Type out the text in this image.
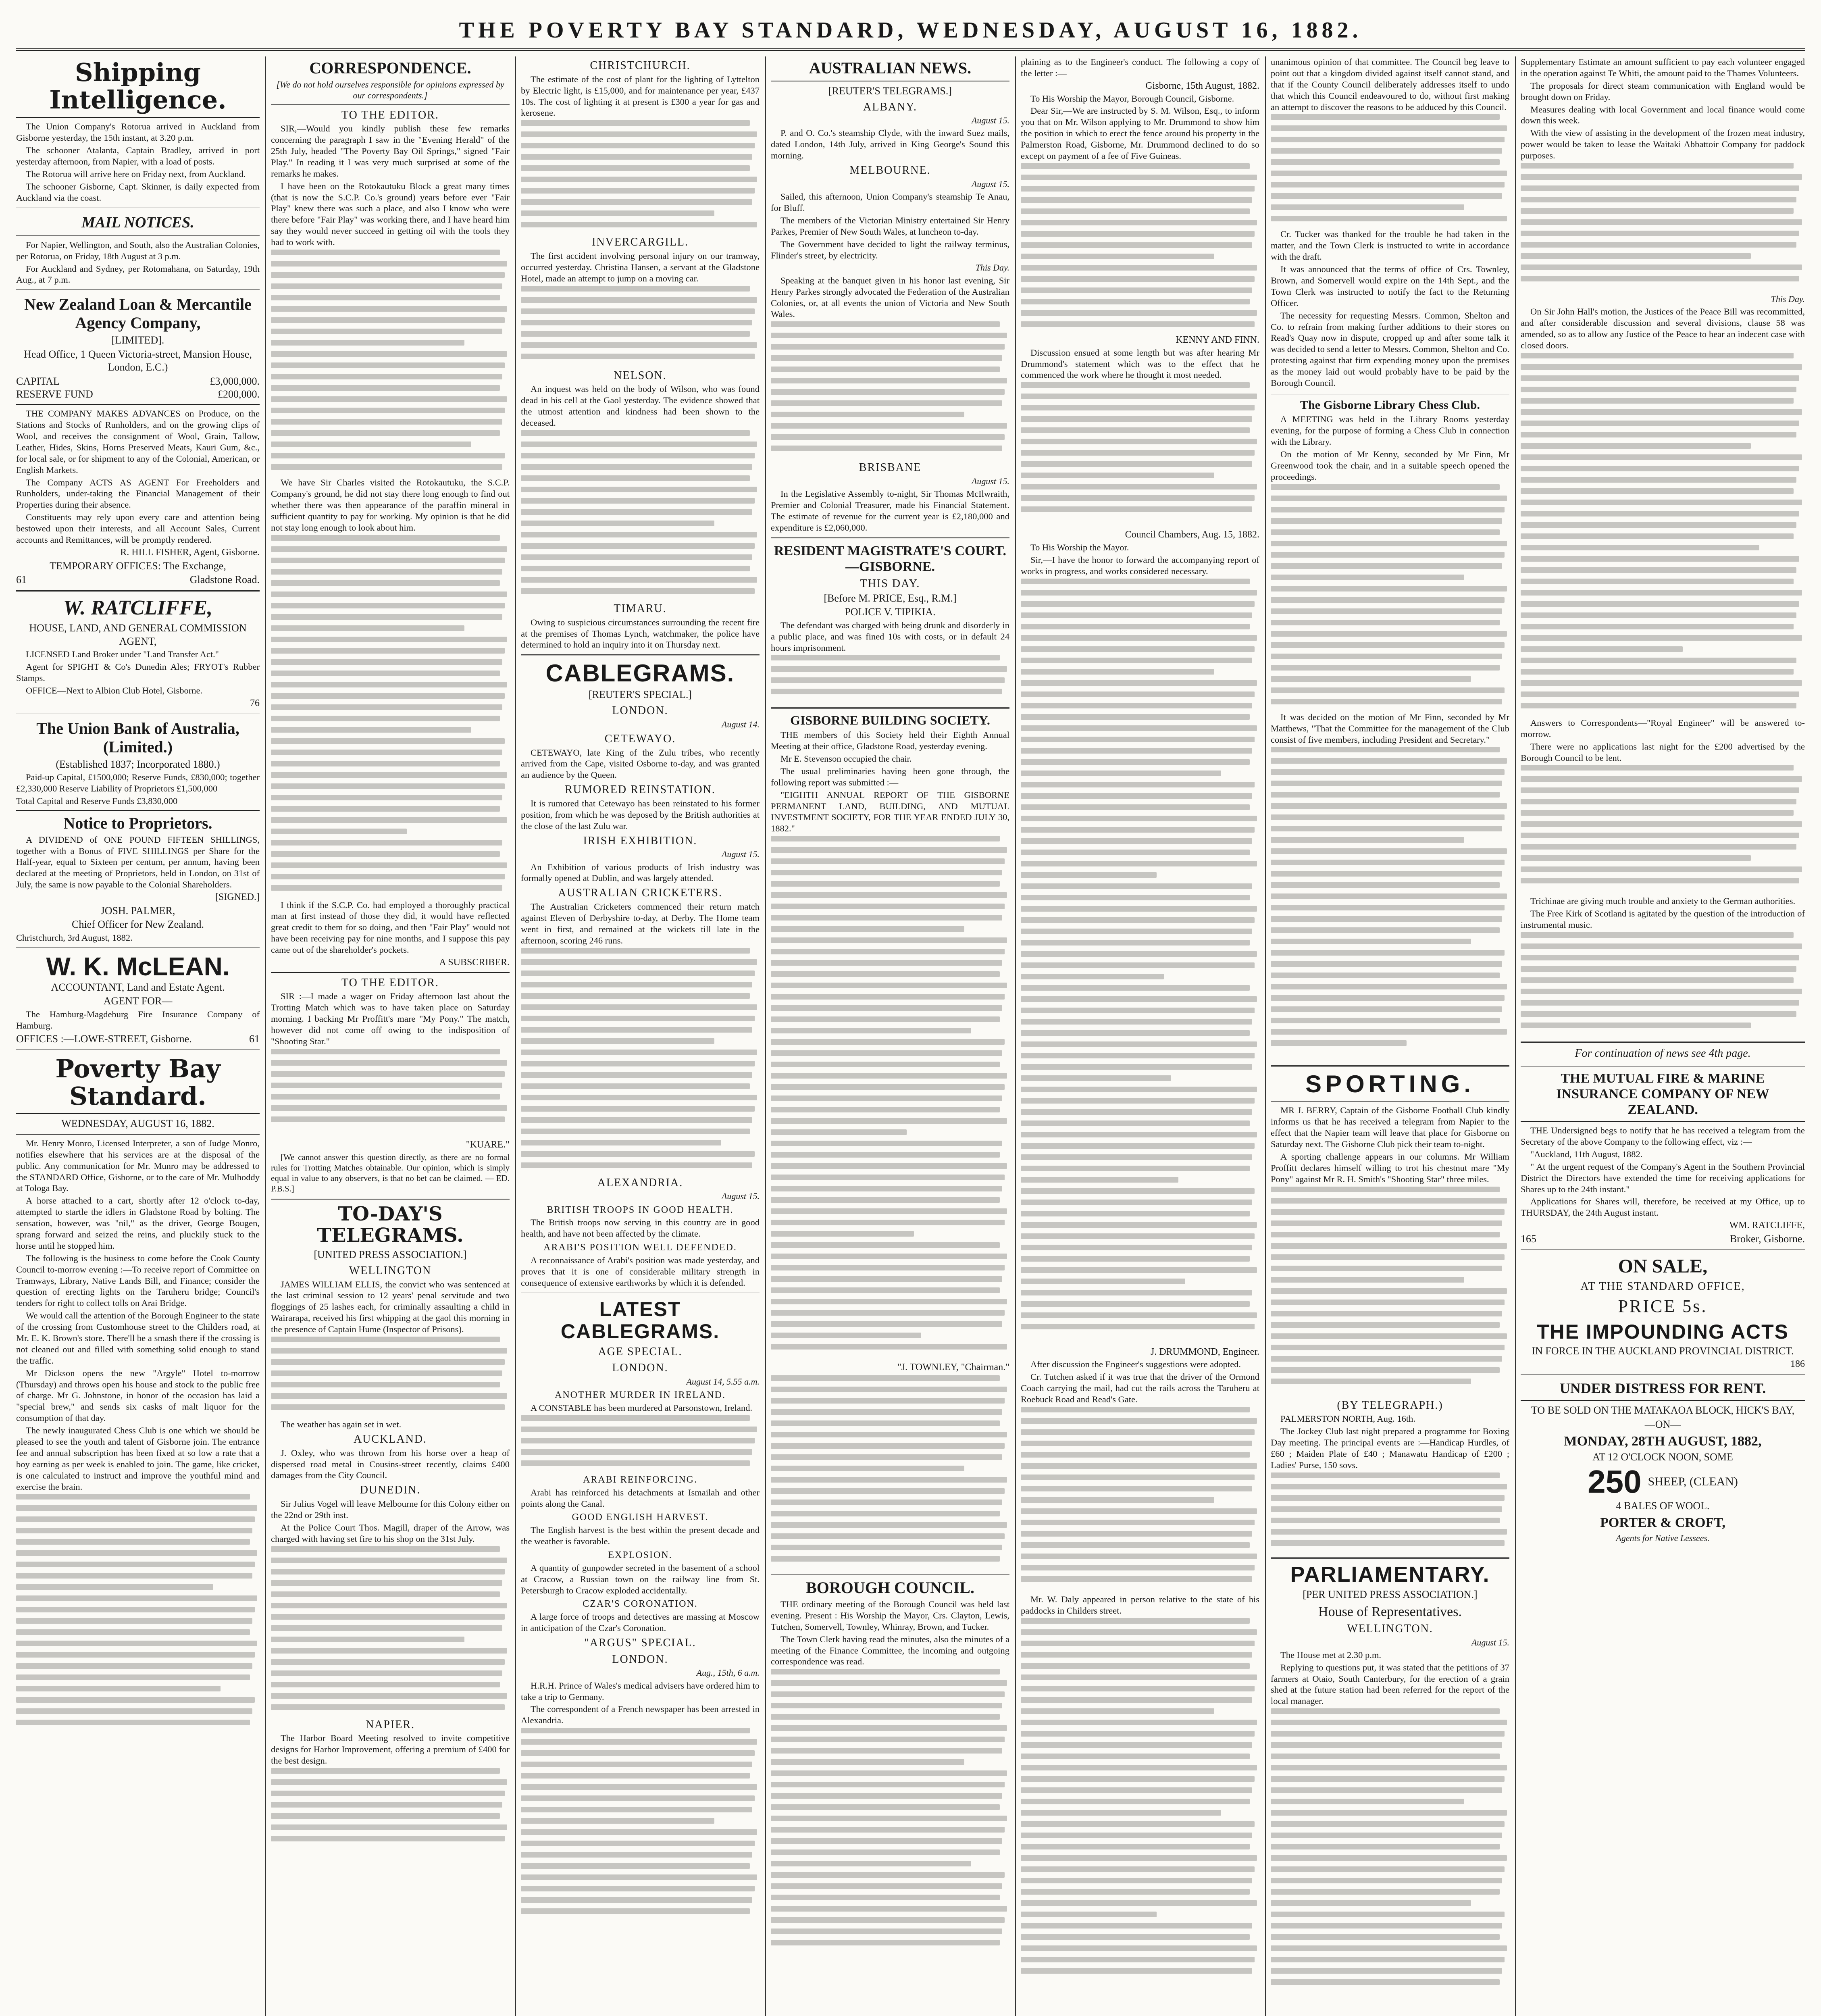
THE POVERTY BAY STANDARD, WEDNESDAY, AUGUST 16, 1882.
Shipping Intelligence.

The Union Company's Rotorua arrived in Auckland from Gisborne yesterday, the 15th instant, at 3.20 p.m.

The schooner Atalanta, Captain Bradley, arrived in port yesterday afternoon, from Napier, with a load of posts.

The Rotorua will arrive here on Friday next, from Auckland.

The schooner Gisborne, Capt. Skinner, is daily expected from Auckland via the coast.

MAIL NOTICES.

For Napier, Wellington, and South, also the Australian Colonies, per Rotorua, on Friday, 18th August at 3 p.m.

For Auckland and Sydney, per Rotomahana, on Saturday, 19th Aug., at 7 p.m.

New Zealand Loan & Mercantile Agency Company,
[LIMITED].
Head Office, 1 Queen Victoria-street, Mansion House, London, E.C.)
CAPITAL	£3,000,000.
RESERVE FUND	£200,000.

THE COMPANY MAKES ADVANCES on Produce, on the Stations and Stocks of Runholders, and on the growing clips of Wool, and receives the consignment of Wool, Grain, Tallow, Leather, Hides, Skins, Horns Preserved Meats, Kauri Gum, &c., for local sale, or for shipment to any of the Colonial, American, or English Markets.

The Company ACTS AS AGENT For Freeholders and Runholders, under-taking the Financial Management of their Properties during their absence.

Constituents may rely upon every care and attention being bestowed upon their interests, and all Account Sales, Current accounts and Remittances, will be promptly rendered.

R. HILL FISHER, Agent, Gisborne.
TEMPORARY OFFICES: The Exchange,
61	Gladstone Road.
W. RATCLIFFE,
HOUSE, LAND, AND GENERAL COMMISSION AGENT,

LICENSED Land Broker under "Land Transfer Act."

Agent for SPIGHT & Co's Dunedin Ales; FRYOT's Rubber Stamps.

OFFICE—Next to Albion Club Hotel, Gisborne.

76
The Union Bank of Australia, (Limited.)
(Established 1837; Incorporated 1880.)

Paid-up Capital, £1500,000; Reserve Funds, £830,000; together £2,330,000 Reserve Liability of Proprietors £1,500,000

Total Capital and Reserve Funds £3,830,000

Notice to Proprietors.

A DIVIDEND of ONE POUND FIFTEEN SHILLINGS, together with a Bonus of FIVE SHILLINGS per Share for the Half-year, equal to Sixteen per centum, per annum, having been declared at the meeting of Proprietors, held in London, on 31st of July, the same is now payable to the Colonial Shareholders.

[SIGNED.]
JOSH. PALMER,
Chief Officer for New Zealand.

Christchurch, 3rd August, 1882.

W. K. McLEAN.
ACCOUNTANT, Land and Estate Agent.
AGENT FOR—

The Hamburg-Magdeburg Fire Insurance Company of Hamburg.

OFFICES :—LOWE-STREET, Gisborne.	61
Poverty Bay Standard.
WEDNESDAY, AUGUST 16, 1882.

Mr. Henry Monro, Licensed Interpreter, a son of Judge Monro, notifies elsewhere that his services are at the disposal of the public. Any communication for Mr. Munro may be addressed to the STANDARD Office, Gisborne, or to the care of Mr. Mulhoddy at Tologa Bay.

A horse attached to a cart, shortly after 12 o'clock to-day, attempted to startle the idlers in Gladstone Road by bolting. The sensation, however, was "nil," as the driver, George Bougen, sprang forward and seized the reins, and pluckily stuck to the horse until he stopped him.

The following is the business to come before the Cook County Council to-morrow evening :—To receive report of Committee on Tramways, Library, Native Lands Bill, and Finance; consider the question of erecting lights on the Taruheru bridge; Council's tenders for right to collect tolls on Arai Bridge.

We would call the attention of the Borough Engineer to the state of the crossing from Customhouse street to the Childers road, at Mr. E. K. Brown's store. There'll be a smash there if the crossing is not cleaned out and filled with something solid enough to stand the traffic.

Mr Dickson opens the new "Argyle" Hotel to-morrow (Thursday) and throws open his house and stock to the public free of charge. Mr G. Johnstone, in honor of the occasion has laid a "special brew," and sends six casks of malt liquor for the consumption of that day.

The newly inaugurated Chess Club is one which we should be pleased to see the youth and talent of Gisborne join. The entrance fee and annual subscription has been fixed at so low a rate that a boy earning as per week is enabled to join. The game, like cricket, is one calculated to instruct and improve the youthful mind and exercise the brain.

CORRESPONDENCE.
[We do not hold ourselves responsible for opinions expressed by our correspondents.]
TO THE EDITOR.

SIR,—Would you kindly publish these few remarks concerning the paragraph I saw in the "Evening Herald" of the 25th July, headed "The Poverty Bay Oil Springs," signed "Fair Play." In reading it I was very much surprised at some of the remarks he makes.

I have been on the Rotokautuku Block a great many times (that is now the S.C.P. Co.'s ground) years before ever "Fair Play" knew there was such a place, and also I know who were there before "Fair Play" was working there, and I have heard him say they would never succeed in getting oil with the tools they had to work with.

We have Sir Charles visited the Rotokautuku, the S.C.P. Company's ground, he did not stay there long enough to find out whether there was then appearance of the paraffin mineral in sufficient quantity to pay for working. My opinion is that he did not stay long enough to look about him.

I think if the S.C.P. Co. had employed a thoroughly practical man at first instead of those they did, it would have reflected great credit to them for so doing, and then "Fair Play" would not have been receiving pay for nine months, and I suppose this pay came out of the shareholder's pockets.

A SUBSCRIBER.
TO THE EDITOR.

SIR :—I made a wager on Friday afternoon last about the Trotting Match which was to have taken place on Saturday morning. I backing Mr Proffitt's mare "My Pony." The match, however did not come off owing to the indisposition of "Shooting Star."

"KUARE."

[We cannot answer this question directly, as there are no formal rules for Trotting Matches obtainable. Our opinion, which is simply equal in value to any observers, is that no bet can be claimed. — ED. P.B.S.]

TO-DAY'S TELEGRAMS.
[UNITED PRESS ASSOCIATION.]
WELLINGTON

JAMES WILLIAM ELLIS, the convict who was sentenced at the last criminal session to 12 years' penal servitude and two floggings of 25 lashes each, for criminally assaulting a child in Wairarapa, received his first whipping at the gaol this morning in the presence of Captain Hume (Inspector of Prisons).

The weather has again set in wet.

AUCKLAND.

J. Oxley, who was thrown from his horse over a heap of dispersed road metal in Cousins-street recently, claims £400 damages from the City Council.

DUNEDIN.

Sir Julius Vogel will leave Melbourne for this Colony either on the 22nd or 29th inst.

At the Police Court Thos. Magill, draper of the Arrow, was charged with having set fire to his shop on the 31st July.

NAPIER.

The Harbor Board Meeting resolved to invite competitive designs for Harbor Improvement, offering a premium of £400 for the best design.

CHRISTCHURCH.

The estimate of the cost of plant for the lighting of Lyttelton by Electric light, is £15,000, and for maintenance per year, £437 10s. The cost of lighting it at present is £300 a year for gas and kerosene.

INVERCARGILL.

The first accident involving personal injury on our tramway, occurred yesterday. Christina Hansen, a servant at the Gladstone Hotel, made an attempt to jump on a moving car.

NELSON.

An inquest was held on the body of Wilson, who was found dead in his cell at the Gaol yesterday. The evidence showed that the utmost attention and kindness had been shown to the deceased.

TIMARU.

Owing to suspicious circumstances surrounding the recent fire at the premises of Thomas Lynch, watchmaker, the police have determined to hold an inquiry into it on Thursday next.

CABLEGRAMS.
[REUTER'S SPECIAL.]
LONDON.
August 14.
CETEWAYO.

CETEWAYO, late King of the Zulu tribes, who recently arrived from the Cape, visited Osborne to-day, and was granted an audience by the Queen.

RUMORED REINSTATION.

It is rumored that Cetewayo has been reinstated to his former position, from which he was deposed by the British authorities at the close of the last Zulu war.

IRISH EXHIBITION.
August 15.

An Exhibition of various products of Irish industry was formally opened at Dublin, and was largely attended.

AUSTRALIAN CRICKETERS.

The Australian Cricketers commenced their return match against Eleven of Derbyshire to-day, at Derby. The Home team went in first, and remained at the wickets till late in the afternoon, scoring 246 runs.

ALEXANDRIA.
August 15.
BRITISH TROOPS IN GOOD HEALTH.

The British troops now serving in this country are in good health, and have not been affected by the climate.

ARABI'S POSITION WELL DEFENDED.

A reconnaissance of Arabi's position was made yesterday, and proves that it is one of considerable military strength in consequence of extensive earthworks by which it is defended.

LATEST CABLEGRAMS.
AGE SPECIAL.
LONDON.
August 14, 5.55 a.m.
ANOTHER MURDER IN IRELAND.

A CONSTABLE has been murdered at Parsonstown, Ireland.

ARABI REINFORCING.

Arabi has reinforced his detachments at Ismailah and other points along the Canal.

GOOD ENGLISH HARVEST.

The English harvest is the best within the present decade and the weather is favorable.

EXPLOSION.

A quantity of gunpowder secreted in the basement of a school at Cracow, a Russian town on the railway line from St. Petersburgh to Cracow exploded accidentally.

CZAR'S CORONATION.

A large force of troops and detectives are massing at Moscow in anticipation of the Czar's Coronation.

"ARGUS" SPECIAL.
LONDON.
Aug., 15th, 6 a.m.

H.R.H. Prince of Wales's medical advisers have ordered him to take a trip to Germany.

The correspondent of a French newspaper has been arrested in Alexandria.

AUSTRALIAN NEWS.
[REUTER'S TELEGRAMS.]
ALBANY.
August 15.

P. and O. Co.'s steamship Clyde, with the inward Suez mails, dated London, 14th July, arrived in King George's Sound this morning.

MELBOURNE.
August 15.

Sailed, this afternoon, Union Company's steamship Te Anau, for Bluff.

The members of the Victorian Ministry entertained Sir Henry Parkes, Premier of New South Wales, at luncheon to-day.

The Government have decided to light the railway terminus, Flinder's street, by electricity.

This Day.

Speaking at the banquet given in his honor last evening, Sir Henry Parkes strongly advocated the Federation of the Australian Colonies, or, at all events the union of Victoria and New South Wales.

BRISBANE
August 15.

In the Legislative Assembly to-night, Sir Thomas McIlwraith, Premier and Colonial Treasurer, made his Financial Statement. The estimate of revenue for the current year is £2,180,000 and expenditure is £2,060,000.

RESIDENT MAGISTRATE'S COURT.—GISBORNE.
THIS DAY.
[Before M. PRICE, Esq., R.M.]
POLICE V. TIPIKIA.

The defendant was charged with being drunk and disorderly in a public place, and was fined 10s with costs, or in default 24 hours imprisonment.

GISBORNE BUILDING SOCIETY.

THE members of this Society held their Eighth Annual Meeting at their office, Gladstone Road, yesterday evening.

Mr E. Stevenson occupied the chair.

The usual preliminaries having been gone through, the following report was submitted :—

"EIGHTH ANNUAL REPORT OF THE GISBORNE PERMANENT LAND, BUILDING, AND MUTUAL INVESTMENT SOCIETY, FOR THE YEAR ENDED JULY 30, 1882."

"J. TOWNLEY, "Chairman."
BOROUGH COUNCIL.

THE ordinary meeting of the Borough Council was held last evening. Present : His Worship the Mayor, Crs. Clayton, Lewis, Tutchen, Somervell, Townley, Whinray, Brown, and Tucker.

The Town Clerk having read the minutes, also the minutes of a meeting of the Finance Committee, the incoming and outgoing correspondence was read.

plaining as to the Engineer's conduct. The following a copy of the letter :—

Gisborne, 15th August, 1882.

To His Worship the Mayor, Borough Council, Gisborne.

Dear Sir,—We are instructed by S. M. Wilson, Esq., to inform you that on Mr. Wilson applying to Mr. Drummond to show him the position in which to erect the fence around his property in the Palmerston Road, Gisborne, Mr. Drummond declined to do so except on payment of a fee of Five Guineas.

KENNY AND FINN.

Discussion ensued at some length but was after hearing Mr Drummond's statement which was to the effect that he commenced the work where he thought it most needed.

Council Chambers, Aug. 15, 1882.

To His Worship the Mayor.

Sir,—I have the honor to forward the accompanying report of works in progress, and works considered necessary.

J. DRUMMOND, Engineer.

After discussion the Engineer's suggestions were adopted.

Cr. Tutchen asked if it was true that the driver of the Ormond Coach carrying the mail, had cut the rails across the Taruheru at Roebuck Road and Read's Gate.

Mr. W. Daly appeared in person relative to the state of his paddocks in Childers street.

unanimous opinion of that committee. The Council beg leave to point out that a kingdom divided against itself cannot stand, and that if the County Council deliberately addresses itself to undo that which this Council endeavoured to do, without first making an attempt to discover the reasons to be adduced by this Council.

Cr. Tucker was thanked for the trouble he had taken in the matter, and the Town Clerk is instructed to write in accordance with the draft.

It was announced that the terms of office of Crs. Townley, Brown, and Somervell would expire on the 14th Sept., and the Town Clerk was instructed to notify the fact to the Returning Officer.

The necessity for requesting Messrs. Common, Shelton and Co. to refrain from making further additions to their stores on Read's Quay now in dispute, cropped up and after some talk it was decided to send a letter to Messrs. Common, Shelton and Co. protesting against that firm expending money upon the premises as the money laid out would probably have to be paid by the Borough Council.

The Gisborne Library Chess Club.

A MEETING was held in the Library Rooms yesterday evening, for the purpose of forming a Chess Club in connection with the Library.

On the motion of Mr Kenny, seconded by Mr Finn, Mr Greenwood took the chair, and in a suitable speech opened the proceedings.

It was decided on the motion of Mr Finn, seconded by Mr Matthews, "That the Committee for the management of the Club consist of five members, including President and Secretary."

SPORTING.

MR J. BERRY, Captain of the Gisborne Football Club kindly informs us that he has received a telegram from Napier to the effect that the Napier team will leave that place for Gisborne on Saturday next. The Gisborne Club pick their team to-night.

A sporting challenge appears in our columns. Mr William Proffitt declares himself willing to trot his chestnut mare "My Pony" against Mr R. H. Smith's "Shooting Star" three miles.

(BY TELEGRAPH.)

PALMERSTON NORTH, Aug. 16th.

The Jockey Club last night prepared a programme for Boxing Day meeting. The principal events are :—Handicap Hurdles, of £60 ; Maiden Plate of £40 ; Manawatu Handicap of £200 ; Ladies' Purse, 150 sovs.

PARLIAMENTARY.
[PER UNITED PRESS ASSOCIATION.]
House of Representatives.
WELLINGTON.
August 15.

The House met at 2.30 p.m.

Replying to questions put, it was stated that the petitions of 37 farmers at Otaio, South Canterbury, for the erection of a grain shed at the future station had been referred for the report of the local manager.

Supplementary Estimate an amount sufficient to pay each volunteer engaged in the operation against Te Whiti, the amount paid to the Thames Volunteers.

The proposals for direct steam communication with England would be brought down on Friday.

Measures dealing with local Government and local finance would come down this week.

With the view of assisting in the development of the frozen meat industry, power would be taken to lease the Waitaki Abbattoir Company for paddock purposes.

This Day.

On Sir John Hall's motion, the Justices of the Peace Bill was recommitted, and after considerable discussion and several divisions, clause 58 was amended, so as to allow any Justice of the Peace to hear an indecent case with closed doors.

Answers to Correspondents—"Royal Engineer" will be answered to-morrow.

There were no applications last night for the £200 advertised by the Borough Council to be lent.

Trichinae are giving much trouble and anxiety to the German authorities.

The Free Kirk of Scotland is agitated by the question of the introduction of instrumental music.

For continuation of news see 4th page.
THE MUTUAL FIRE & MARINE INSURANCE COMPANY OF NEW ZEALAND.

THE Undersigned begs to notify that he has received a telegram from the Secretary of the above Company to the following effect, viz :—

"Auckland, 11th August, 1882.

" At the urgent request of the Company's Agent in the Southern Provincial District the Directors have extended the time for receiving applications for Shares up to the 24th instant."

Applications for Shares will, therefore, be received at my Office, up to THURSDAY, the 24th August instant.

WM. RATCLIFFE,
165	Broker, Gisborne.
ON SALE,
AT THE STANDARD OFFICE,
PRICE 5s.
THE IMPOUNDING ACTS
IN FORCE IN THE AUCKLAND PROVINCIAL DISTRICT.
186
UNDER DISTRESS FOR RENT.
TO BE SOLD ON THE MATAKAOA BLOCK, HICK'S BAY,
—ON—
MONDAY, 28TH AUGUST, 1882,
AT 12 O'CLOCK NOON, SOME
250 SHEEP, (CLEAN)
4 BALES OF WOOL.
PORTER & CROFT,
Agents for Native Lessees.
